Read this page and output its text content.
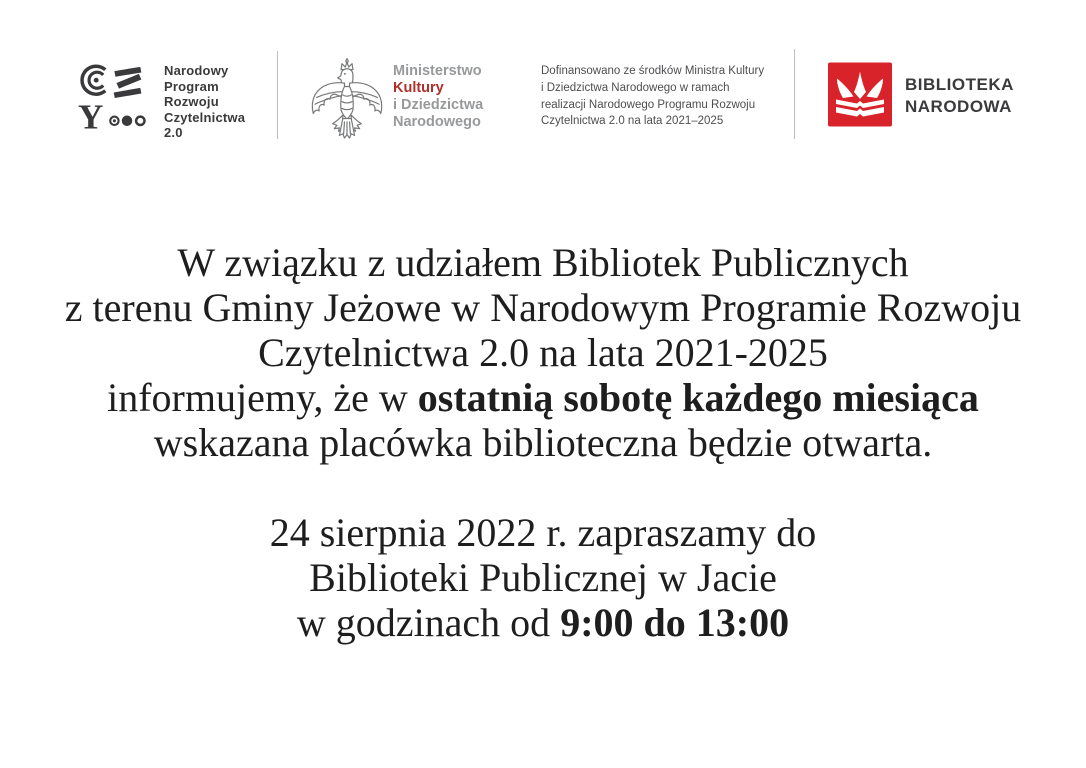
Y
Narodowy
Program
Rozwoju
Czytelnictwa
2.0
Ministerstwo
Kultury
i Dziedzictwa
Narodowego
Dofinansowano ze środków Ministra Kultury
i Dziedzictwa Narodowego w ramach
realizacji Narodowego Programu Rozwoju
Czytelnictwa 2.0 na lata 2021–2025
BIBLIOTEKA
NARODOWA
W związku z udziałem Bibliotek Publicznych
z terenu Gminy Jeżowe w Narodowym Programie Rozwoju
Czytelnictwa 2.0 na lata 2021-2025
informujemy, że w ostatnią sobotę każdego miesiąca
wskazana placówka biblioteczna będzie otwarta.
24 sierpnia 2022 r. zapraszamy do
Biblioteki Publicznej w Jacie
w godzinach od 9:00 do 13:00
